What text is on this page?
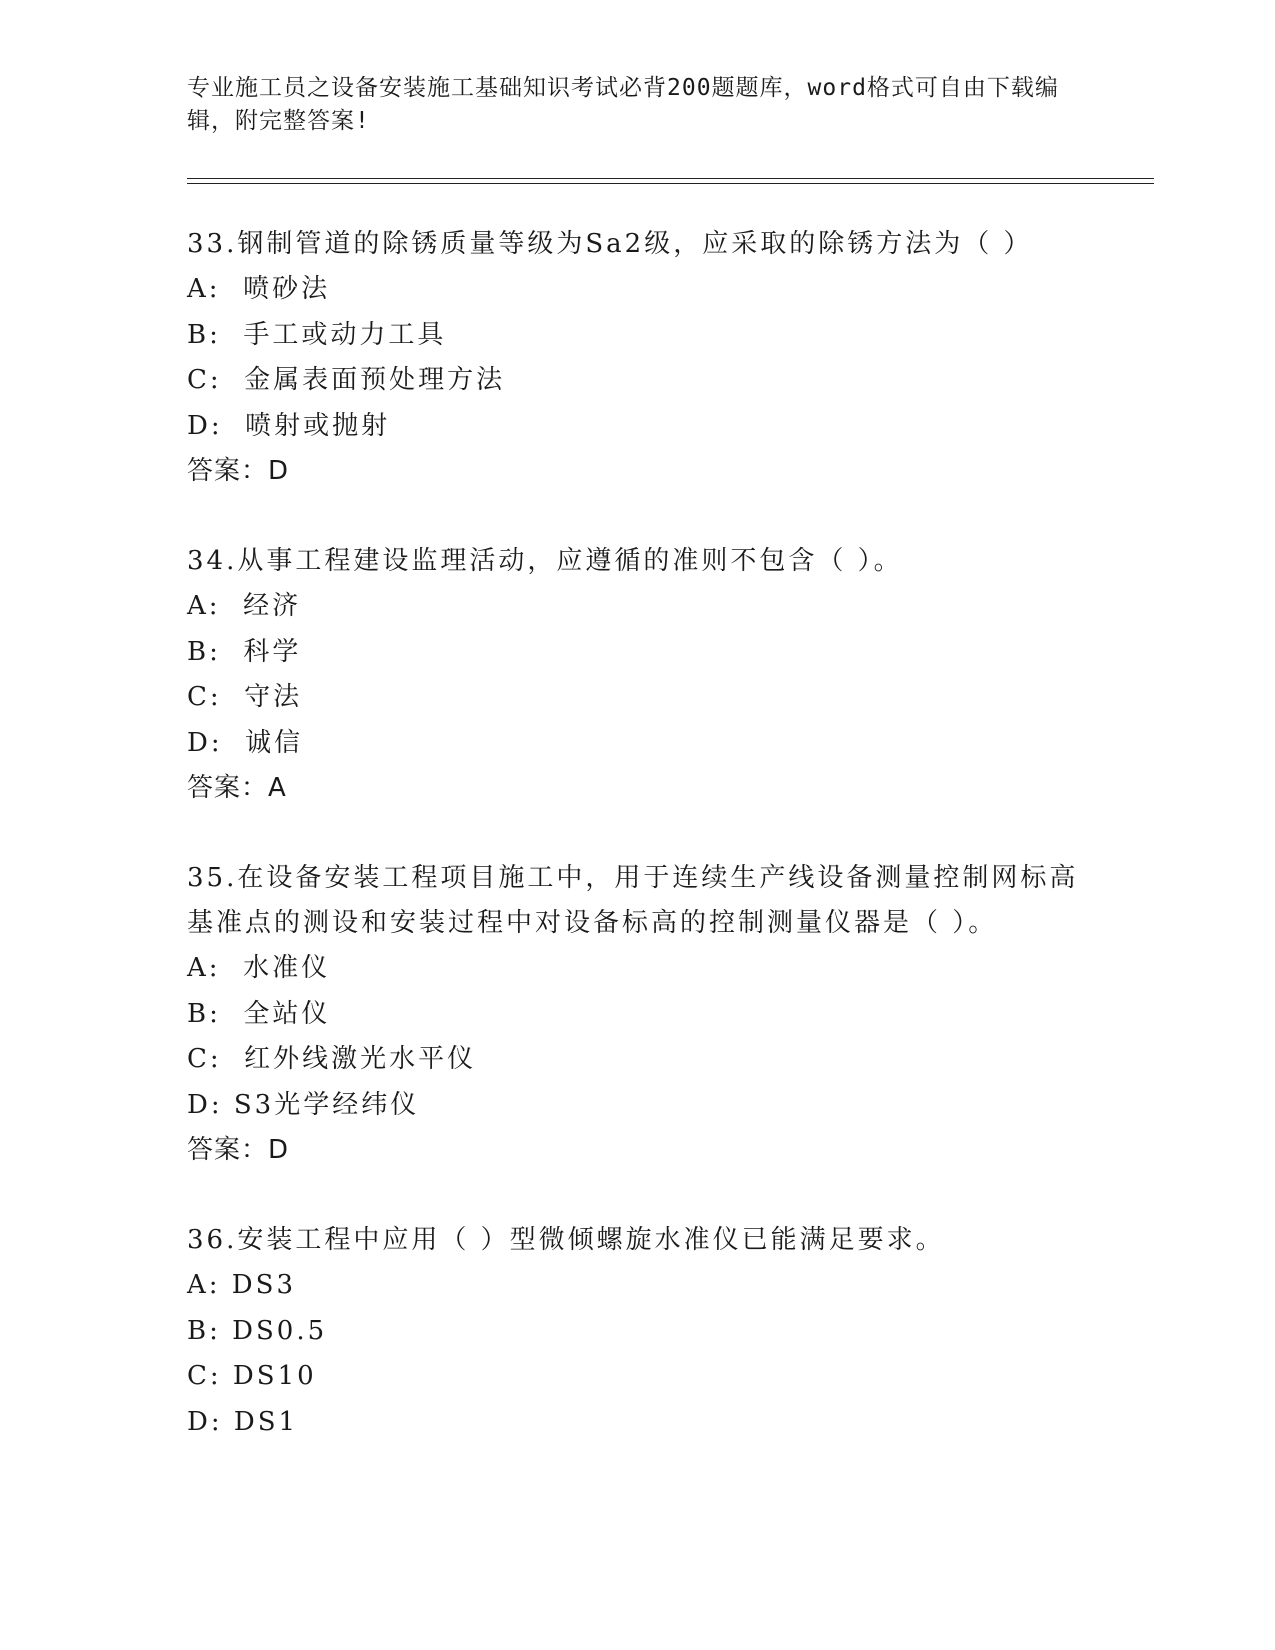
专业施工员之设备安装施工基础知识考试必背200题题库，word格式可自由下载编辑，附完整答案!
33.钢制管道的除锈质量等级为Sa2级，应采取的除锈方法为（ ）
A:  喷砂法
B:  手工或动力工具
C:  金属表面预处理方法
D:  喷射或抛射
答案：D
34.从事工程建设监理活动，应遵循的准则不包含（ ）。
A:  经济
B:  科学
C:  守法
D:  诚信
答案：A
35.在设备安装工程项目施工中，用于连续生产线设备测量控制网标高基准点的测设和安装过程中对设备标高的控制测量仪器是（ ）。
A:  水准仪
B:  全站仪
C:  红外线激光水平仪
D: S3光学经纬仪
答案：D
36.安装工程中应用（ ）型微倾螺旋水准仪已能满足要求。
A: DS3
B: DS0.5
C: DS10
D: DS1
